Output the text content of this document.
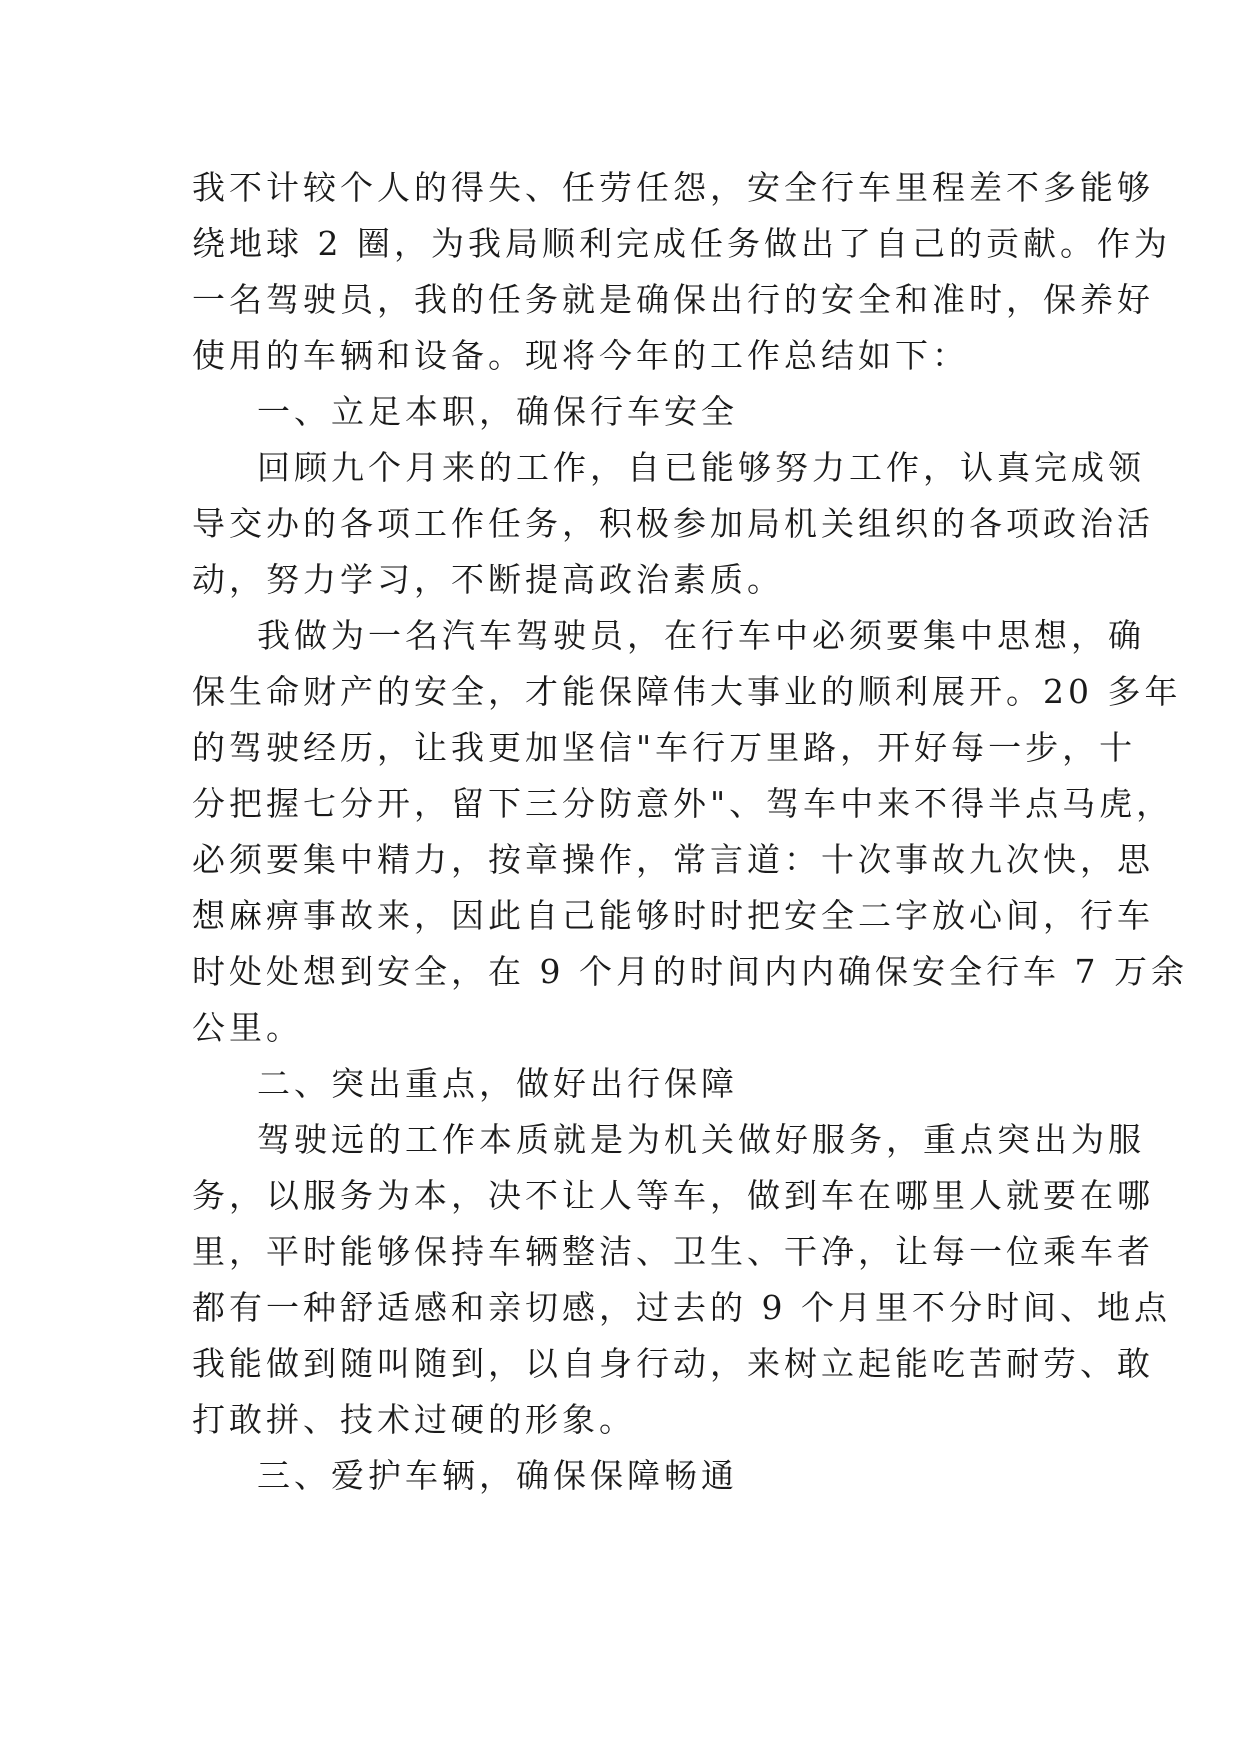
我不计较个人的得失、任劳任怨，安全行车里程差不多能够
绕地球 2 圈，为我局顺利完成任务做出了自己的贡献。作为
一名驾驶员，我的任务就是确保出行的安全和准时，保养好
使用的车辆和设备。现将今年的工作总结如下：
一、立足本职，确保行车安全
回顾九个月来的工作，自已能够努力工作，认真完成领
导交办的各项工作任务，积极参加局机关组织的各项政治活
动，努力学习，不断提高政治素质。
我做为一名汽车驾驶员，在行车中必须要集中思想，确
保生命财产的安全，才能保障伟大事业的顺利展开。20 多年
的驾驶经历，让我更加坚信"车行万里路，开好每一步，十
分把握七分开，留下三分防意外"、驾车中来不得半点马虎，
必须要集中精力，按章操作，常言道：十次事故九次快，思
想麻痹事故来，因此自己能够时时把安全二字放心间，行车
时处处想到安全，在 9 个月的时间内内确保安全行车 7 万余
公里。
二、突出重点，做好出行保障
驾驶远的工作本质就是为机关做好服务，重点突出为服
务，以服务为本，决不让人等车，做到车在哪里人就要在哪
里，平时能够保持车辆整洁、卫生、干净，让每一位乘车者
都有一种舒适感和亲切感，过去的 9 个月里不分时间、地点
我能做到随叫随到，以自身行动，来树立起能吃苦耐劳、敢
打敢拼、技术过硬的形象。
三、爱护车辆，确保保障畅通
